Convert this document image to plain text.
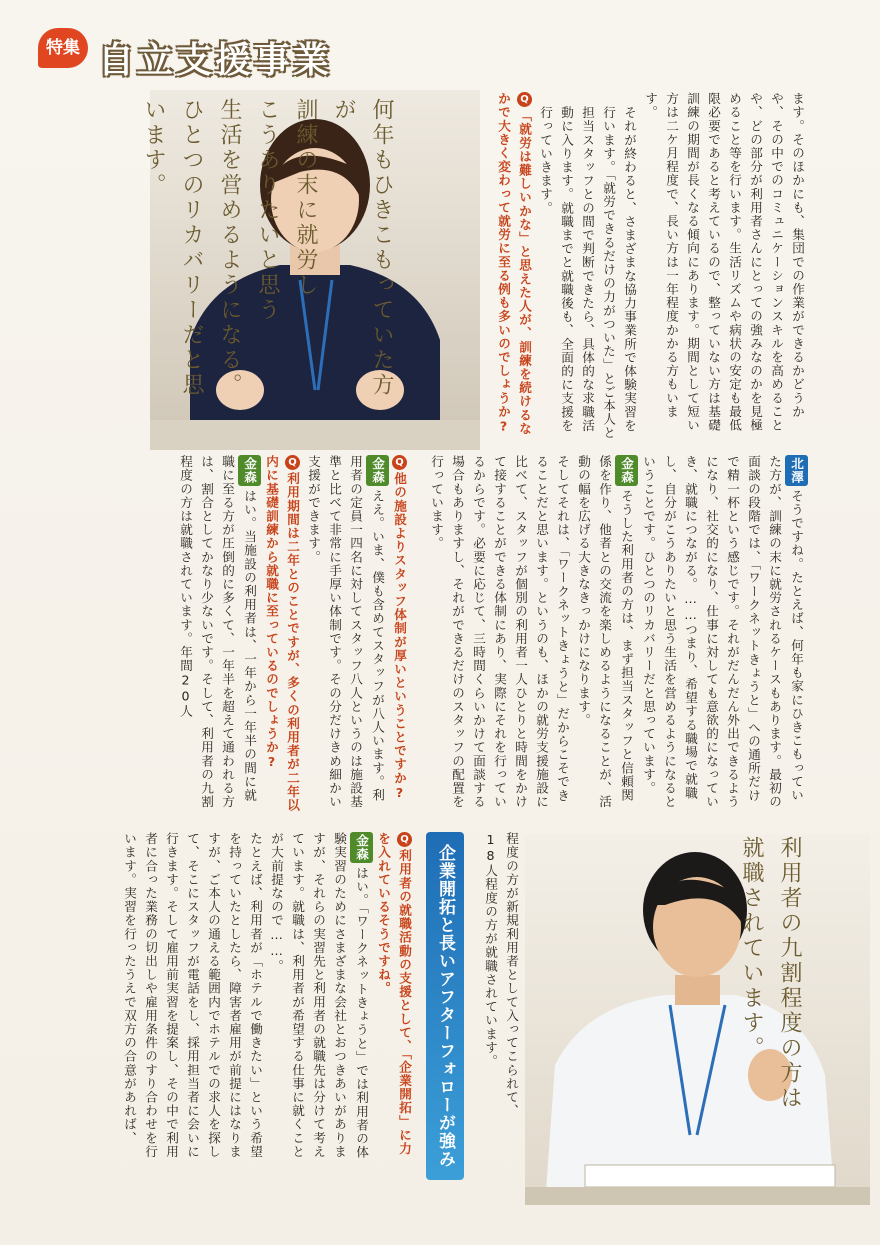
特集 自立支援事業
何年もひきこもっていた方が
訓練の末に就労し
こうありたいと思う
生活を営めるようになる。
ひとつのリカバリーだと思います。
利用者の九割程度の方は
就職されています。

ます。そのほかにも、集団での作業ができるかどうかや、その中でのコミュニケーションスキルを高めることや、どの部分が利用者さんにとっての強みなのかを見極めること等を行います。生活リズムや病状の安定も最低限必要であると考えているので、整っていない方は基礎訓練の期間が長くなる傾向にあります。期間として短い方は二ケ月程度で、長い方は一年程度かかる方もいます。

それが終わると、さまざまな協力事業所で体験実習を行います。「就労できるだけの力がついた」とご本人と担当スタッフとの間で判断できたら、具体的な求職活動に入ります。就職までと就職後も、全面的に支援を行っていきます。

Q「就労は難しいかな」と思えた人が、訓練を続けるなかで大きく変わって就労に至る例も多いのでしょうか?

北澤そうですね。たとえば、何年も家にひきこもっていた方が、訓練の末に就労されるケースもあります。最初の面談の段階では、「ワークネットきょうと」への通所だけで精一杯という感じです。それがだんだん外出できるようになり、社交的になり、仕事に対しても意欲的になっていき、就職につながる。……つまり、希望する職場で就職し、自分がこうありたいと思う生活を営めるようになるということです。ひとつのリカバリーだと思っています。

金森そうした利用者の方は、まず担当スタッフと信頼関係を作り、他者との交流を楽しめるようになることが、活動の幅を広げる大きなきっかけになります。

そしてそれは、「ワークネットきょうと」だからこそできることだと思います。というのも、ほかの就労支援施設に比べて、スタッフが個別の利用者一人ひとりと時間をかけて接することができる体制にあり、実際にそれを行っているからです。必要に応じて、三時間くらいかけて面談する場合もありますし、それができるだけのスタッフの配置を行っています。

Q他の施設よりスタッフ体制が厚いということですか?

金森ええ。いま、僕も含めてスタッフが八人います。利用者の定員一四名に対してスタッフ八人というのは施設基準と比べて非常に手厚い体制です。その分だけきめ細かい支援ができます。

Q利用期間は二年とのことですが、多くの利用者が二年以内に基礎訓練から就職に至っているのでしょうか?

金森はい。当施設の利用者は、一年から一年半の間に就職に至る方が圧倒的に多くて、一年半を超えて通われる方は、割合としてかなり少ないです。そして、利用者の九割程度の方は就職されています。年間20人

程度の方が新規利用者として入ってこられて、18人程度の方が就職されています。

企業開拓と長いアフターフォローが強み

Q利用者の就職活動の支援として、「企業開拓」に力を入れているそうですね。

金森はい。「ワークネットきょうと」では利用者の体験実習のためにさまざまな会社とおつきあいがありますが、それらの実習先と利用者の就職先は分けて考えています。就職は、利用者が希望する仕事に就くことが大前提なので……。

たとえば、利用者が「ホテルで働きたい」という希望を持っていたとしたら、障害者雇用が前提にはなりますが、ご本人の通える範囲内でホテルでの求人を探して、そこにスタッフが電話をし、採用担当者に会いに行きます。そして雇用前実習を提案し、その中で利用者に合った業務の切出しや雇用条件のすり合わせを行います。実習を行ったうえで双方の合意があれば、
